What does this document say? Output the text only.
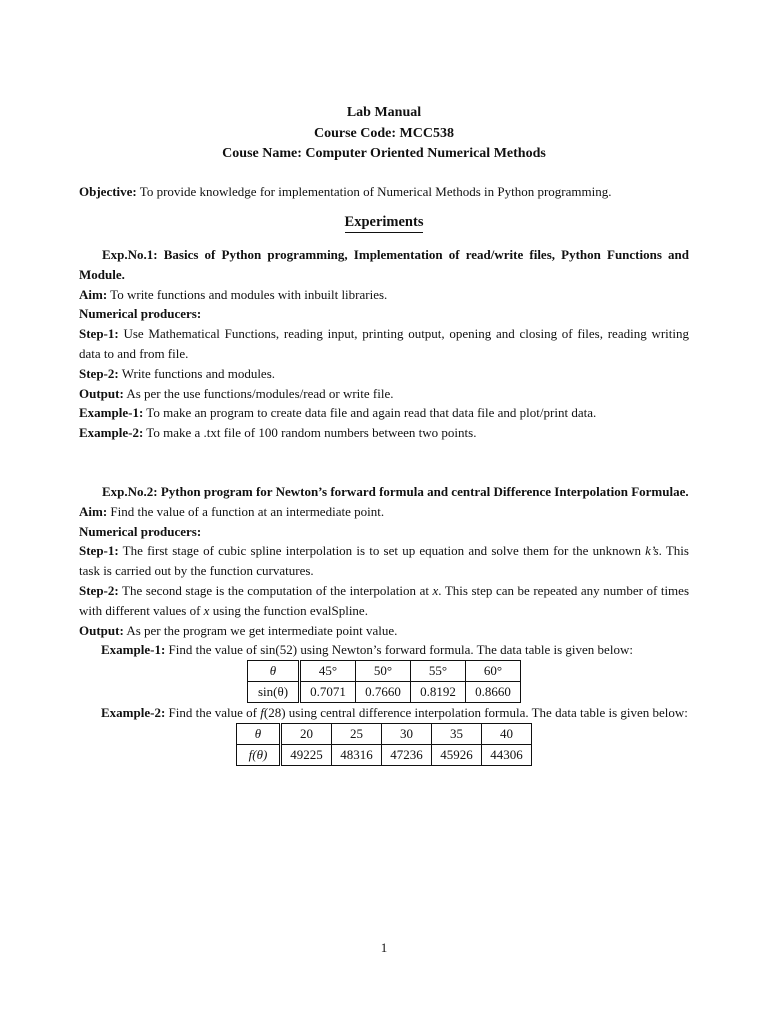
Lab Manual
Course Code: MCC538
Couse Name: Computer Oriented Numerical Methods
Objective: To provide knowledge for implementation of Numerical Methods in Python programming.
Experiments

Exp.No.1: Basics of Python programming, Implementation of read/write files, Python Functions and Module.

Aim: To write functions and modules with inbuilt libraries.

Numerical producers:

Step-1: Use Mathematical Functions, reading input, printing output, opening and closing of files, reading writing data to and from file.

Step-2: Write functions and modules.

Output: As per the use functions/modules/read or write file.

Example-1: To make an program to create data file and again read that data file and plot/print data.

Example-2: To make a .txt file of 100 random numbers between two points.

Exp.No.2: Python program for Newton’s forward formula and central Difference Interpolation Formulae.

Aim: Find the value of a function at an intermediate point.

Numerical producers:

Step-1: The first stage of cubic spline interpolation is to set up equation and solve them for the unknown k’s. This task is carried out by the function curvatures.

Step-2: The second stage is the computation of the interpolation at x. This step can be repeated any number of times with different values of x using the function evalSpline.

Output: As per the program we get intermediate point value.

Example-1: Find the value of sin(52) using Newton’s forward formula. The data table is given below:

θ	45°	50°	55°	60°
sin(θ)	0.7071	0.7660	0.8192	0.8660

Example-2: Find the value of f(28) using central difference interpolation formula. The data table is given below:

θ	20	25	30	35	40
f(θ)	49225	48316	47236	45926	44306
1
